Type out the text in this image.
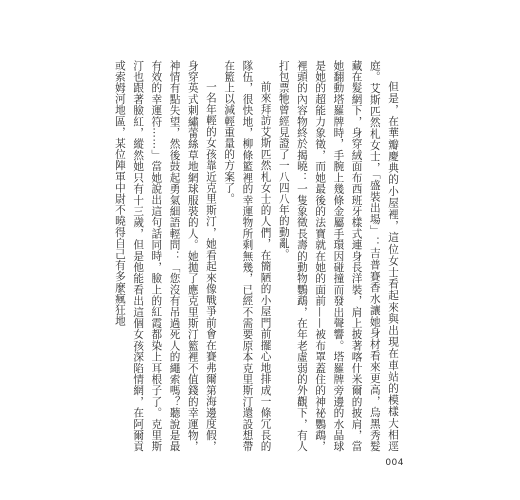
但是，在華瓣慶典的小屋裡，這位女士看起來與出現在車站的模樣大相逕庭。艾斯匹然札女士，「盛裝出場」：吉普賽香水讓她身材看來更高，烏黑秀髮藏在髮網下，身穿絨面布西班牙樣式連身長洋裝，肩上披著喀什米爾的披肩，當她翻動塔羅牌時，手腕上幾條金屬手環因碰撞而發出聲響。塔羅牌旁邊的水晶球是她的超能力象徵，而她最後的法寶就在她的面前——被布罩蓋住的神祕鸚鵡，裡頭的內容物終於揭曉：一隻象徵長壽的動物鸚鵡，在年老虛弱的外觀下，有人打包票牠曾經見證了一八四八年的動亂。

前來拜訪艾斯匹然札女士的人們，在簡陋的小屋門前擺心地排成一條冗長的隊伍，很快地，柳條籃裡的幸運物所剩無幾，已經不需要原本克里斯汀還設想帶在籃上以減輕重量的方案了。

一名年輕的女孩靠近克里斯汀，她看起來像戰爭前會在賽弗爾第海邊度假，身穿英式刺繡蕾絲草地網球服裝的人。她拋了應克里斯汀籃裡不值錢的幸運物，神情有點失望，然後鼓起勇氣細語輕問：「您沒有吊過死人的繩索嗎？聽說是最有效的幸運符……」當她說出這句話同時，臉上的紅霞都染上耳根子了。克里斯汀也跟著臉紅，縱然她只有十三歲，但是他能看出這個女孩深陷情網，在阿爾貢或索姆河地區，某位陣軍中尉不曉得自己有多麼瘋狂地

004
